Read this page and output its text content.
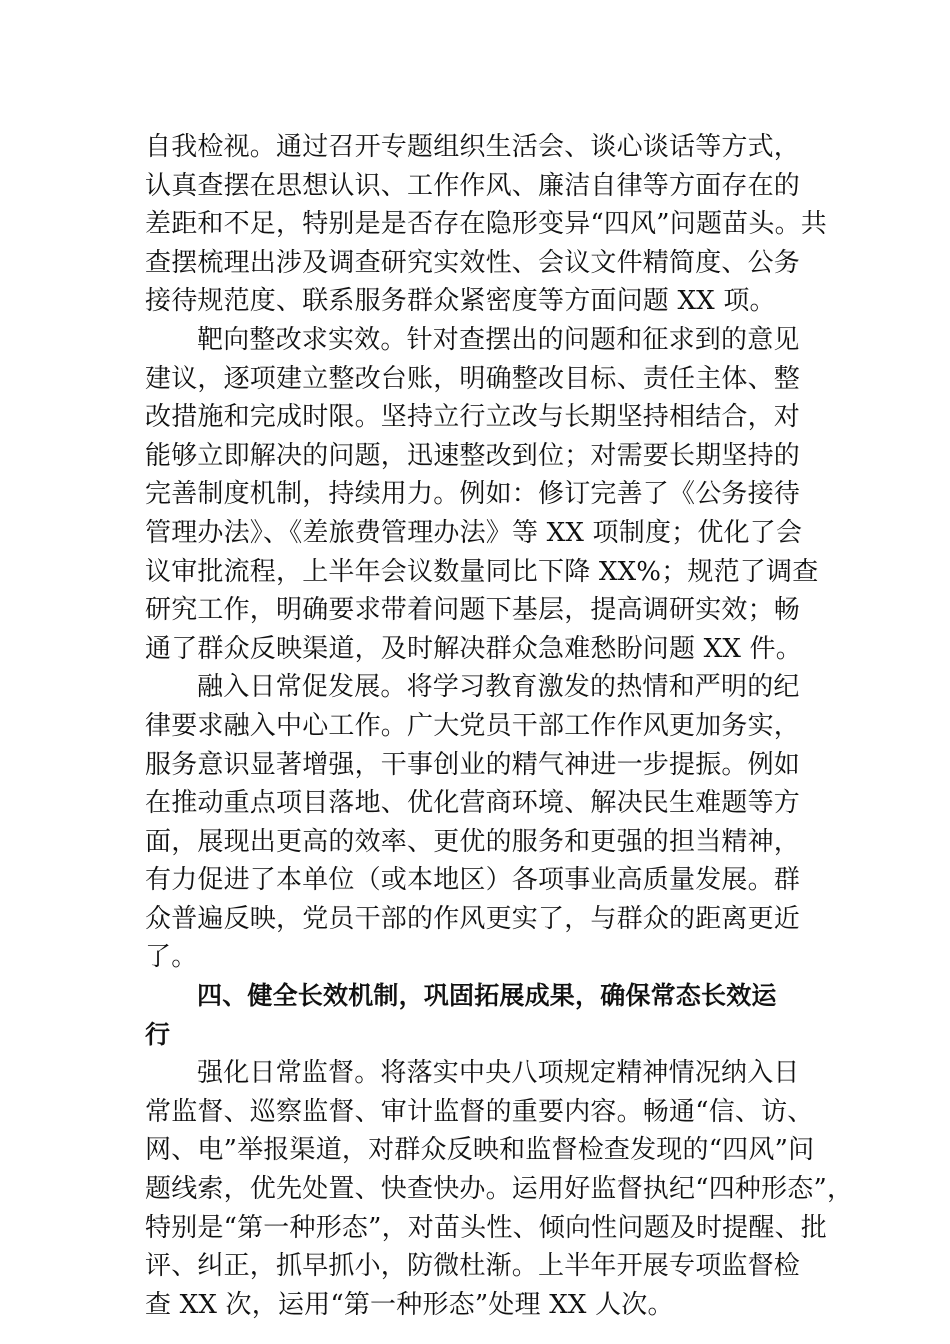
自我检视。通过召开专题组织生活会、谈心谈话等方式，
认真查摆在思想认识、工作作风、廉洁自律等方面存在的
差距和不足，特别是是否存在隐形变异“四风”问题苗头。共
查摆梳理出涉及调查研究实效性、会议文件精简度、公务
接待规范度、联系服务群众紧密度等方面问题 XX 项。
靶向整改求实效。针对查摆出的问题和征求到的意见
建议，逐项建立整改台账，明确整改目标、责任主体、整
改措施和完成时限。坚持立行立改与长期坚持相结合，对
能够立即解决的问题，迅速整改到位；对需要长期坚持的
完善制度机制，持续用力。例如：修订完善了《公务接待
管理办法》、《差旅费管理办法》等 XX 项制度；优化了会
议审批流程，上半年会议数量同比下降 XX%；规范了调查
研究工作，明确要求带着问题下基层，提高调研实效；畅
通了群众反映渠道，及时解决群众急难愁盼问题 XX 件。
融入日常促发展。将学习教育激发的热情和严明的纪
律要求融入中心工作。广大党员干部工作作风更加务实，
服务意识显著增强，干事创业的精气神进一步提振。例如
在推动重点项目落地、优化营商环境、解决民生难题等方
面，展现出更高的效率、更优的服务和更强的担当精神，
有力促进了本单位（或本地区）各项事业高质量发展。群
众普遍反映，党员干部的作风更实了，与群众的距离更近
了。
四、健全长效机制，巩固拓展成果，确保常态长效运
行
强化日常监督。将落实中央八项规定精神情况纳入日
常监督、巡察监督、审计监督的重要内容。畅通“信、访、
网、电”举报渠道，对群众反映和监督检查发现的“四风”问
题线索，优先处置、快查快办。运用好监督执纪“四种形态”，
特别是“第一种形态”，对苗头性、倾向性问题及时提醒、批
评、纠正，抓早抓小，防微杜渐。上半年开展专项监督检
查 XX 次，运用“第一种形态”处理 XX 人次。
